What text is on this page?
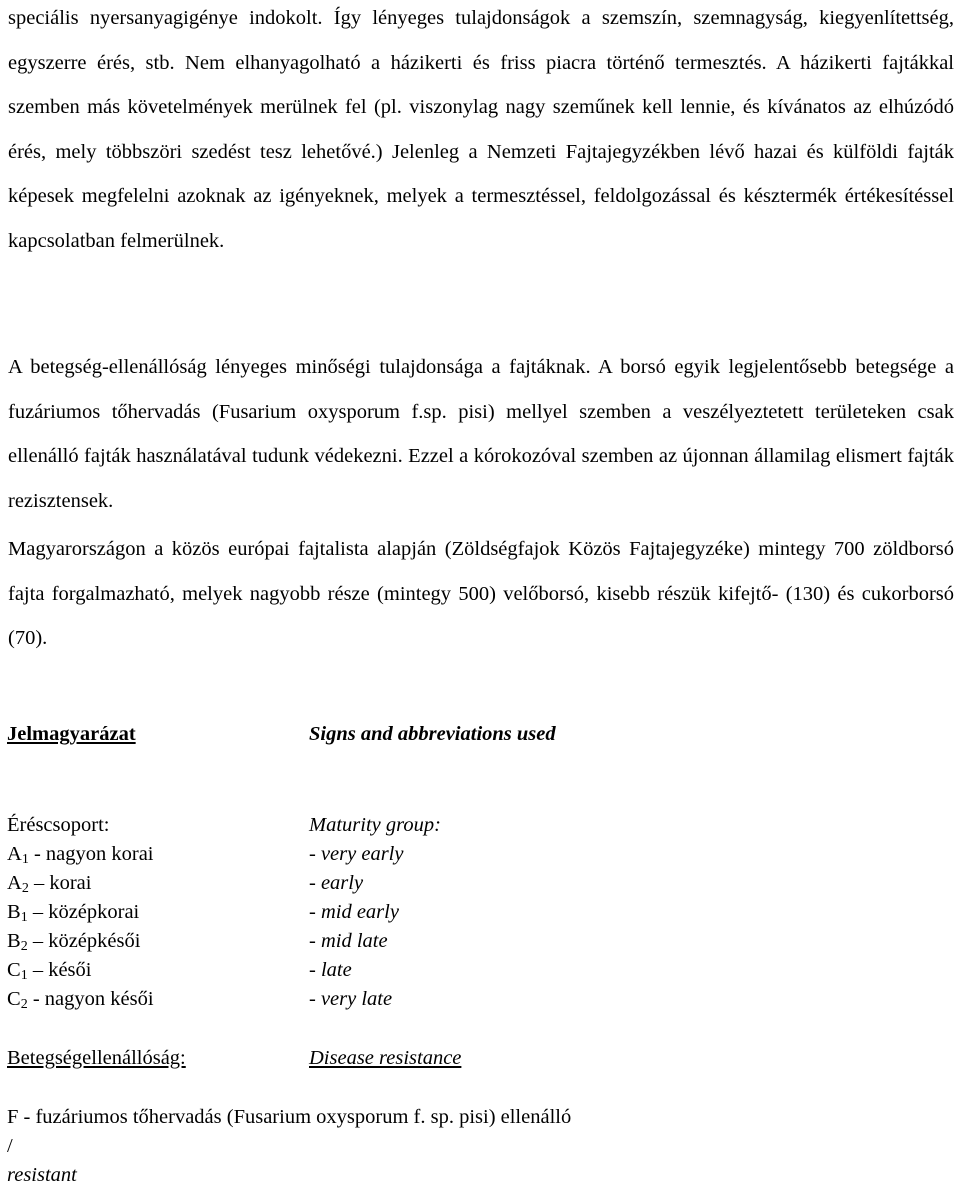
speciális nyersanyagigénye indokolt. Így lényeges tulajdonságok a szemszín, szemnagyság, kiegyenlítettség, egyszerre érés, stb. Nem elhanyagolható a házikerti és friss piacra történő termesztés. A házikerti fajtákkal szemben más követelmények merülnek fel (pl. viszonylag nagy szeműnek kell lennie, és kívánatos az elhúzódó érés, mely többszöri szedést tesz lehetővé.) Jelenleg a Nemzeti Fajtajegyzékben lévő hazai és külföldi fajták képesek megfelelni azoknak az igényeknek, melyek a termesztéssel, feldolgozással és késztermék értékesítéssel kapcsolatban felmerülnek.

A betegség-ellenállóság lényeges minőségi tulajdonsága a fajtáknak. A borsó egyik legjelentősebb betegsége a fuzáriumos tőhervadás (Fusarium oxysporum f.sp. pisi) mellyel szemben a veszélyeztetett területeken csak ellenálló fajták használatával tudunk védekezni. Ezzel a kórokozóval szemben az újonnan államilag elismert fajták rezisztensek.

Magyarországon a közös európai fajtalista alapján (Zöldségfajok Közös Fajtajegyzéke) mintegy 700 zöldborsó fajta forgalmazható, melyek nagyobb része (mintegy 500) velőborsó, kisebb részük kifejtő- (130) és cukorborsó (70).

Jelmagyarázat	Signs and abbreviations used
Éréscsoport:	Maturity group:
$A_1$ - nagyon korai	- very early
$A_2$ – korai	- early
$B_1$ – középkorai	- mid early
$B_2$ – középkésői	- mid late
$C_1$ – késői	- late
$C_2$ - nagyon késői	- very late
Betegségellenállóság:	Disease resistance
F - fuzáriumos tőhervadás (Fusarium oxysporum f. sp. pisi) ellenálló /
resistant
